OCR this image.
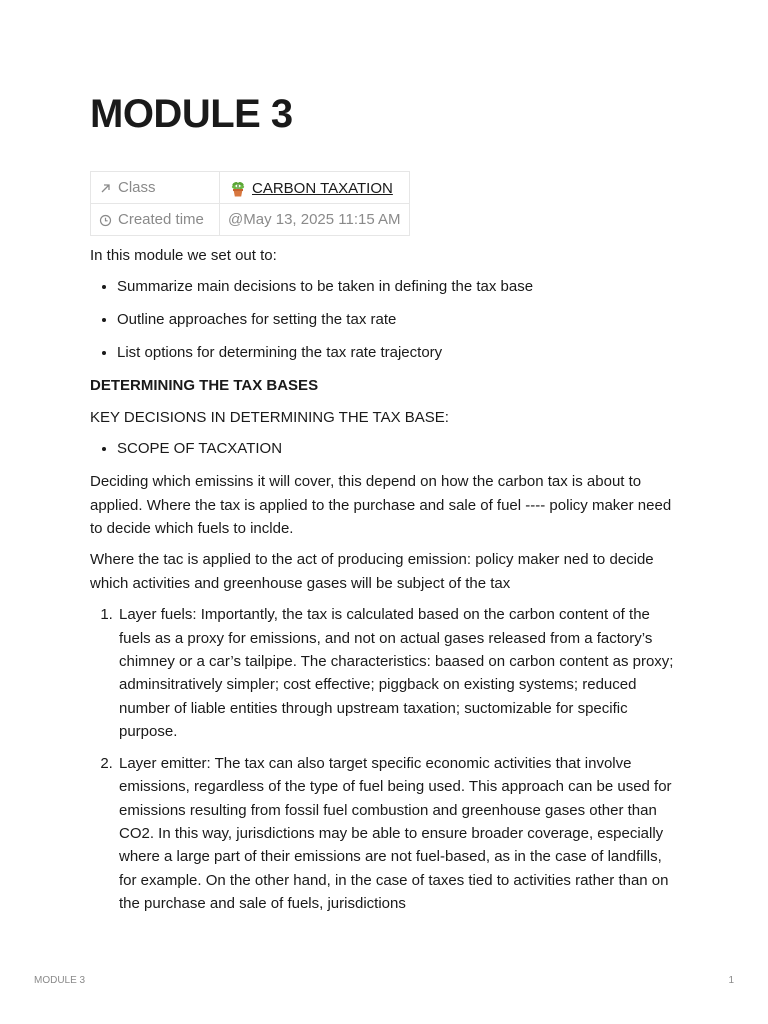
MODULE 3
Class	CARBON TAXATION
Created time	@May 13, 2025 11:15 AM

In this module we set out to:

• Summarize main decisions to be taken in defining the tax base
• Outline approaches for setting the tax rate
• List options for determining the tax rate trajectory

DETERMINING THE TAX BASES

KEY DECISIONS IN DETERMINING THE TAX BASE:

• SCOPE OF TACXATION

Deciding which emissins it will cover, this depend on how the carbon tax is about to applied. Where the tax is applied to the purchase and sale of fuel ---- policy maker need to decide which fuels to inclde.

Where the tac is applied to the act of producing emission: policy maker ned to decide which activities and greenhouse gases will be subject of the tax

1. Layer fuels: Importantly, the tax is calculated based on the carbon content of the fuels as a proxy for emissions, and not on actual gases released from a factory’s chimney or a car’s tailpipe. The characteristics: baased on carbon content as proxy; adminsitratively simpler; cost effective; piggback on existing systems; reduced number of liable entities through upstream taxation; suctomizable for specific purpose.
2. Layer emitter: The tax can also target specific economic activities that involve emissions, regardless of the type of fuel being used. This approach can be used for emissions resulting from fossil fuel combustion and greenhouse gases other than CO2. In this way, jurisdictions may be able to ensure broader coverage, especially where a large part of their emissions are not fuel-based, as in the case of landfills, for example. On the other hand, in the case of taxes tied to activities rather than on the purchase and sale of fuels, jurisdictions
MODULE 3	1
